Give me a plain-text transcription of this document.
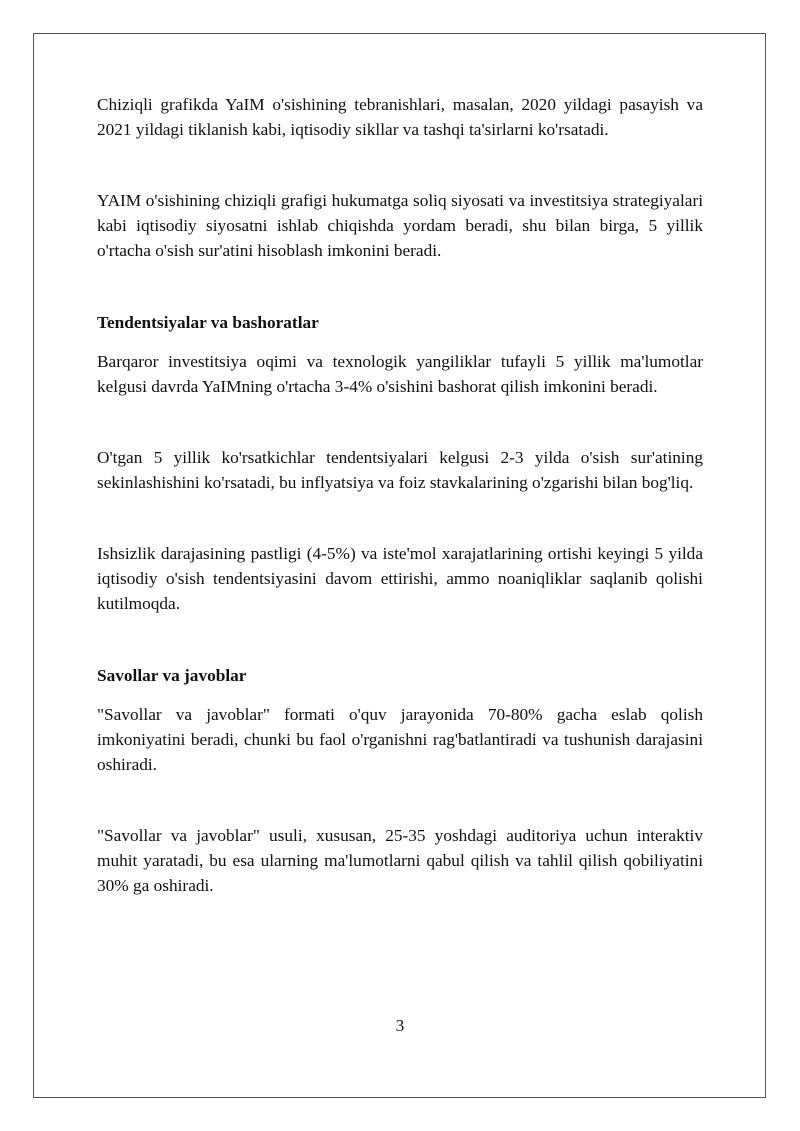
Chiziqli grafikda YaIM o'sishining tebranishlari, masalan, 2020 yildagi pasayish va 2021 yildagi tiklanish kabi, iqtisodiy sikllar va tashqi ta'sirlarni ko'rsatadi.

YAIM o'sishining chiziqli grafigi hukumatga soliq siyosati va investitsiya strategiyalari kabi iqtisodiy siyosatni ishlab chiqishda yordam beradi, shu bilan birga, 5 yillik o'rtacha o'sish sur'atini hisoblash imkonini beradi.

Tendentsiyalar va bashoratlar

Barqaror investitsiya oqimi va texnologik yangiliklar tufayli 5 yillik ma'lumotlar kelgusi davrda YaIMning o'rtacha 3-4% o'sishini bashorat qilish imkonini beradi.

O'tgan 5 yillik ko'rsatkichlar tendentsiyalari kelgusi 2-3 yilda o'sish sur'atining sekinlashishini ko'rsatadi, bu inflyatsiya va foiz stavkalarining o'zgarishi bilan bog'liq.

Ishsizlik darajasining pastligi (4-5%) va iste'mol xarajatlarining ortishi keyingi 5 yilda iqtisodiy o'sish tendentsiyasini davom ettirishi, ammo noaniqliklar saqlanib qolishi kutilmoqda.

Savollar va javoblar

"Savollar va javoblar" formati o'quv jarayonida 70-80% gacha eslab qolish imkoniyatini beradi, chunki bu faol o'rganishni rag'batlantiradi va tushunish darajasini oshiradi.

"Savollar va javoblar" usuli, xususan, 25-35 yoshdagi auditoriya uchun interaktiv muhit yaratadi, bu esa ularning ma'lumotlarni qabul qilish va tahlil qilish qobiliyatini 30% ga oshiradi.

3
